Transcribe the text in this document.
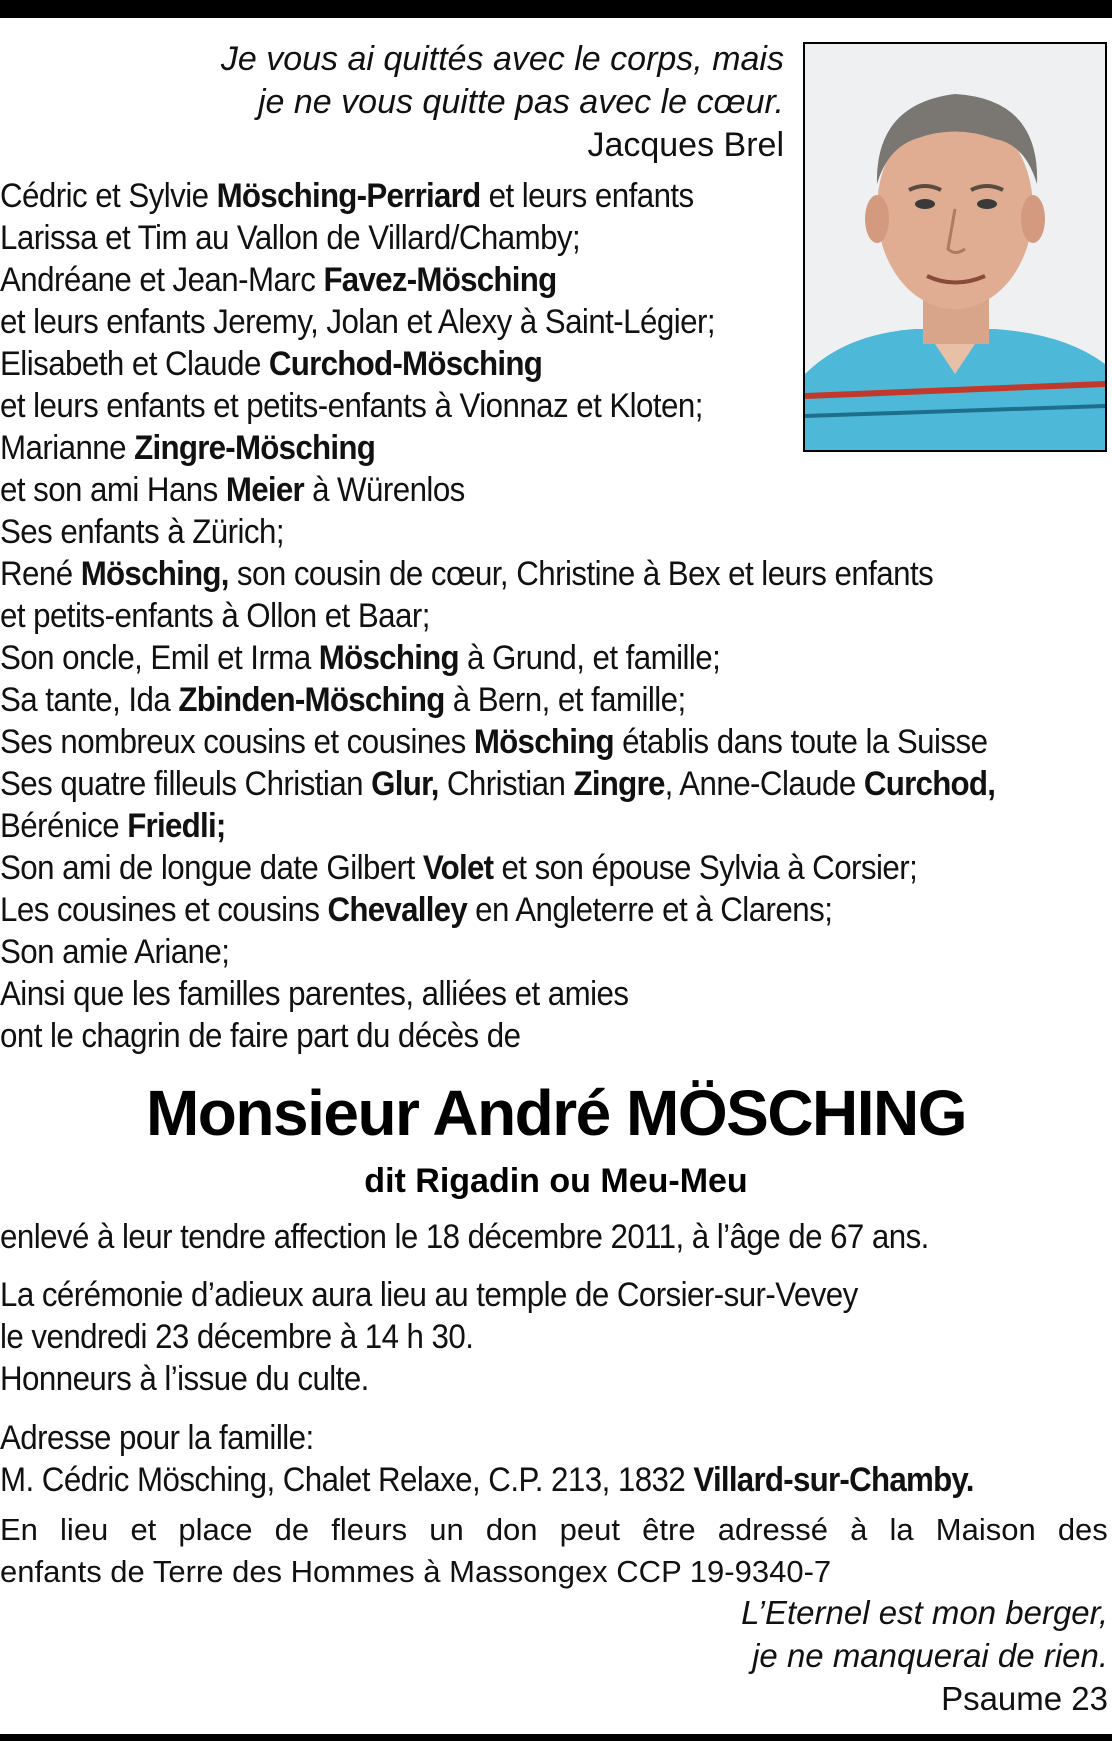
Je vous ai quittés avec le corps, mais
je ne vous quitte pas avec le cœur.
Jacques Brel
Cédric et Sylvie Mösching-Perriard et leurs enfants
Larissa et Tim au Vallon de Villard/Chamby;
Andréane et Jean-Marc Favez-Mösching
et leurs enfants Jeremy, Jolan et Alexy à Saint-Légier;
Elisabeth et Claude Curchod-Mösching
et leurs enfants et petits-enfants à Vionnaz et Kloten;
Marianne Zingre-Mösching
et son ami Hans Meier à Würenlos
Ses enfants à Zürich;
René Mösching, son cousin de cœur, Christine à Bex et leurs enfants
et petits-enfants à Ollon et Baar;
Son oncle, Emil et Irma Mösching à Grund, et famille;
Sa tante, Ida Zbinden-Mösching à Bern, et famille;
Ses nombreux cousins et cousines Mösching établis dans toute la Suisse
Ses quatre filleuls Christian Glur, Christian Zingre, Anne-Claude Curchod,
Bérénice Friedli;
Son ami de longue date Gilbert Volet et son épouse Sylvia à Corsier;
Les cousines et cousins Chevalley en Angleterre et à Clarens;
Son amie Ariane;
Ainsi que les familles parentes, alliées et amies
ont le chagrin de faire part du décès de
Monsieur André MÖSCHING
dit Rigadin ou Meu-Meu
enlevé à leur tendre affection le 18 décembre 2011, à l’âge de 67 ans.
La cérémonie d’adieux aura lieu au temple de Corsier-sur-Vevey
le vendredi 23 décembre à 14 h 30.
Honneurs à l’issue du culte.
Adresse pour la famille:
M. Cédric Mösching, Chalet Relaxe, C.P. 213, 1832 Villard-sur-Chamby.
En lieu et place de fleurs un don peut être adressé à la Maison des
enfants de Terre des Hommes à Massongex CCP 19-9340-7
L’Eternel est mon berger,
je ne manquerai de rien.
Psaume 23
